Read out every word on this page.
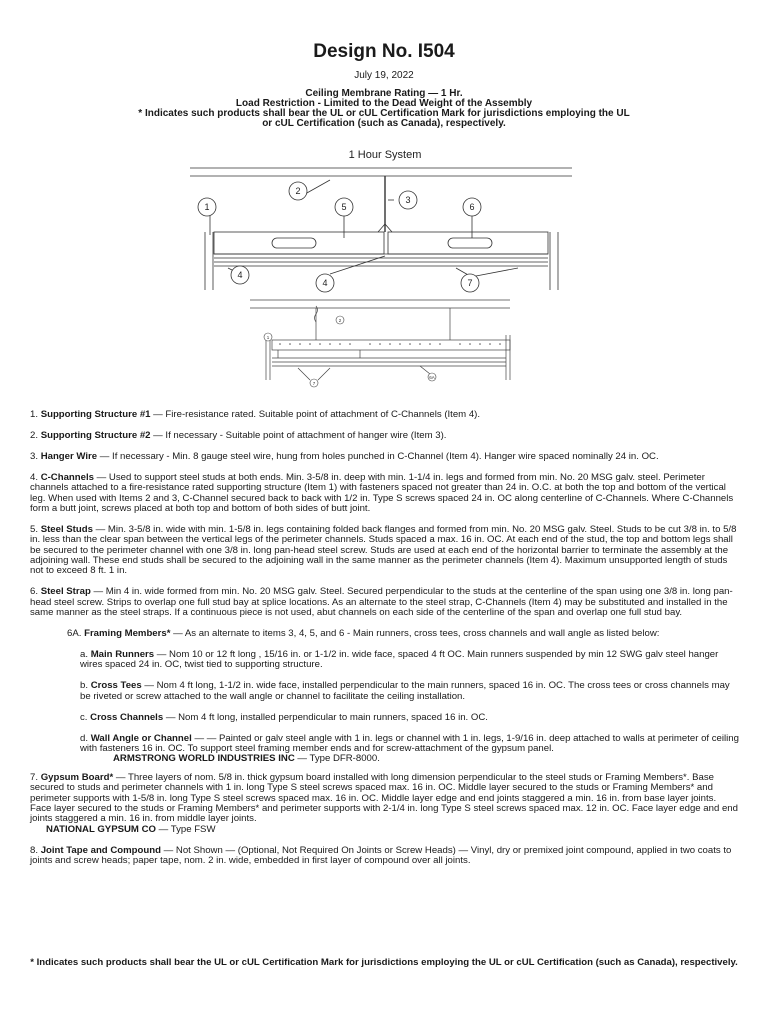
Design No. I504
July 19, 2022
Ceiling Membrane Rating — 1 Hr.
Load Restriction - Limited to the Dead Weight of the Assembly
* Indicates such products shall bear the UL or cUL Certification Mark for jurisdictions employing the UL
or cUL Certification (such as Canada), respectively.
1 Hour System
1
2
3
4
4
5	6
7
1
2
7
6A

1. Supporting Structure #1 — Fire-resistance rated. Suitable point of attachment of C-Channels (Item 4).

2. Supporting Structure #2 — If necessary - Suitable point of attachment of hanger wire (Item 3).

3. Hanger Wire — If necessary - Min. 8 gauge steel wire, hung from holes punched in C-Channel (Item 4). Hanger wire spaced nominally 24 in. OC.

4. C-Channels — Used to support steel studs at both ends. Min. 3-5/8 in. deep with min. 1-1/4 in. legs and formed from min. No. 20 MSG galv. steel. Perimeter channels attached to a fire-resistance rated supporting structure (Item 1) with fasteners spaced not greater than 24 in. O.C. at both the top and bottom of the vertical leg. When used with Items 2 and 3, C-Channel secured back to back with 1/2 in. Type S screws spaced 24 in. OC along centerline of C-Channels. Where C-Channels form a butt joint, screws placed at both top and bottom of both sides of butt joint.

5. Steel Studs — Min. 3-5/8 in. wide with min. 1-5/8 in. legs containing folded back flanges and formed from min. No. 20 MSG galv. Steel. Studs to be cut 3/8 in. to 5/8 in. less than the clear span between the vertical legs of the perimeter channels. Studs spaced a max. 16 in. OC. At each end of the stud, the top and bottom legs shall be secured to the perimeter channel with one 3/8 in. long pan-head steel screw. Studs are used at each end of the horizontal barrier to terminate the assembly at the adjoining wall. These end studs shall be secured to the adjoining wall in the same manner as the perimeter channels (Item 4). Maximum unsupported length of studs not to exceed 8 ft. 1 in.

6. Steel Strap — Min 4 in. wide formed from min. No. 20 MSG galv. Steel. Secured perpendicular to the studs at the centerline of the span using one 3/8 in. long pan-head steel screw. Strips to overlap one full stud bay at splice locations. As an alternate to the steel strap, C-Channels (Item 4) may be substituted and installed in the same manner as the steel straps. If a continuous piece is not used, abut channels on each side of the centerline of the span and overlap one full stud bay.

6A. Framing Members* — As an alternate to items 3, 4, 5, and 6 - Main runners, cross tees, cross channels and wall angle as listed below:

a. Main Runners — Nom 10 or 12 ft long , 15/16 in. or 1-1/2 in. wide face, spaced 4 ft OC. Main runners suspended by min 12 SWG galv steel hanger wires spaced 24 in. OC, twist tied to supporting structure.

b. Cross Tees — Nom 4 ft long, 1-1/2 in. wide face, installed perpendicular to the main runners, spaced 16 in. OC. The cross tees or cross channels may be riveted or screw attached to the wall angle or channel to facilitate the ceiling installation.

c. Cross Channels — Nom 4 ft long, installed perpendicular to main runners, spaced 16 in. OC.

d. Wall Angle or Channel — — Painted or galv steel angle with 1 in. legs or channel with 1 in. legs, 1-9/16 in. deep attached to walls at perimeter of ceiling with fasteners 16 in. OC. To support steel framing member ends and for screw-attachment of the gypsum panel.
ARMSTRONG WORLD INDUSTRIES INC — Type DFR-8000.

7. Gypsum Board* — Three layers of nom. 5/8 in. thick gypsum board installed with long dimension perpendicular to the steel studs or Framing Members*. Base secured to studs and perimeter channels with 1 in. long Type S steel screws spaced max. 16 in. OC. Middle layer secured to the studs or Framing Members* and perimeter supports with 1-5/8 in. long Type S steel screws spaced max. 16 in. OC. Middle layer edge and end joints staggered a min. 16 in. from base layer joints. Face layer secured to the studs or Framing Members* and perimeter supports with 2-1/4 in. long Type S steel screws spaced max. 12 in. OC. Face layer edge and end joints staggered a min. 16 in. from middle layer joints.
NATIONAL GYPSUM CO — Type FSW

8. Joint Tape and Compound — Not Shown — (Optional, Not Required On Joints or Screw Heads) — Vinyl, dry or premixed joint compound, applied in two coats to joints and screw heads; paper tape, nom. 2 in. wide, embedded in first layer of compound over all joints.

* Indicates such products shall bear the UL or cUL Certification Mark for jurisdictions employing the UL or cUL Certification (such as Canada), respectively.
